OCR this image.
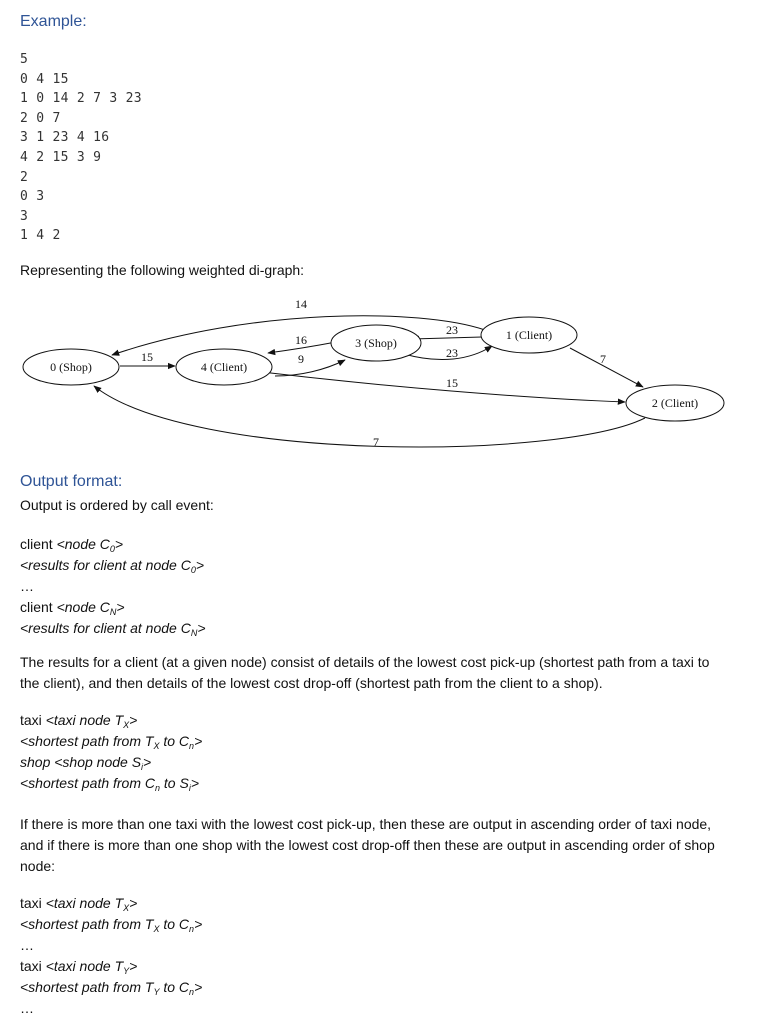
Example:
5
0 4 15
1 0 14 2 7 3 23
2 0 7
3 1 23 4 16
4 2 15 3 9
2
0 3
3
1 4 2
Representing the following weighted di-graph:
0 (Shop)	4 (Client)
3 (Shop)
1 (Client)
2 (Client)
14
16
9
15
23
23
15
7
7
Output format:
Output is ordered by call event:
client <node $C_0>$
<results for client at node $C_0>$
…
client <node $C_N>$
<results for client at node $C_N>$
The results for a client (at a given node) consist of details of the lowest cost pick-up (shortest path from a taxi to the client), and then details of the lowest cost drop-off (shortest path from the client to a shop).
taxi <taxi node $T_X>$
<shortest path from $T_X$ to $C_n>$
shop <shop node $S_i>$
<shortest path from $C_n$ to $S_i>$
If there is more than one taxi with the lowest cost pick-up, then these are output in ascending order of taxi node, and if there is more than one shop with the lowest cost drop-off then these are output in ascending order of shop node:
taxi <taxi node $T_X>$
<shortest path from $T_X$ to $C_n>$
…
taxi <taxi node $T_Y>$
<shortest path from $T_Y$ to $C_n>$
…
